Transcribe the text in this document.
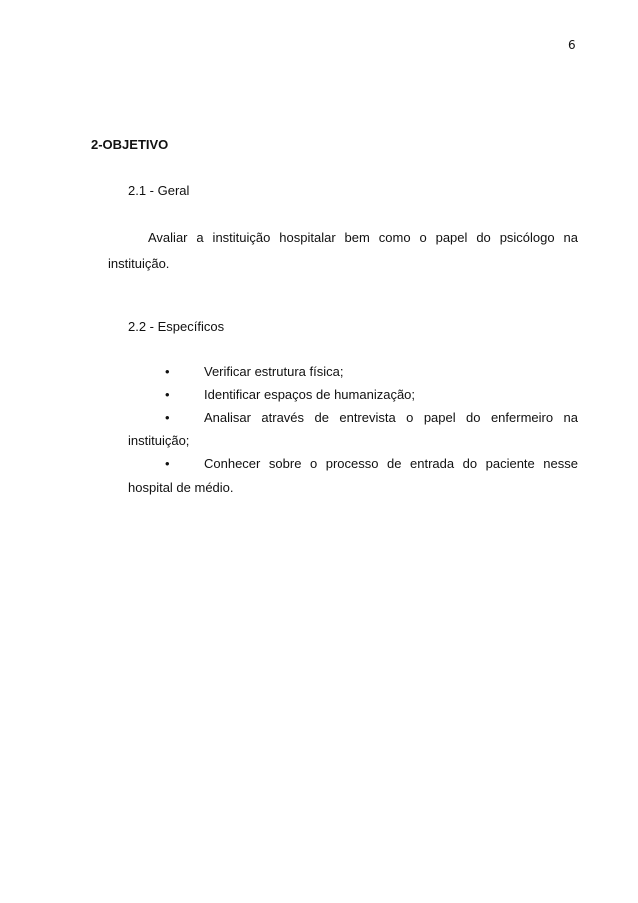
6
2-OBJETIVO
2.1 - Geral
Avaliar a instituição hospitalar bem como o papel do psicólogo na
instituição.
2.2 - Específicos
•	Verificar estrutura física;
•	Identificar espaços de humanização;
•	Analisar através de entrevista o papel do enfermeiro na
instituição;
•	Conhecer sobre o processo de entrada do paciente nesse
hospital de médio.
